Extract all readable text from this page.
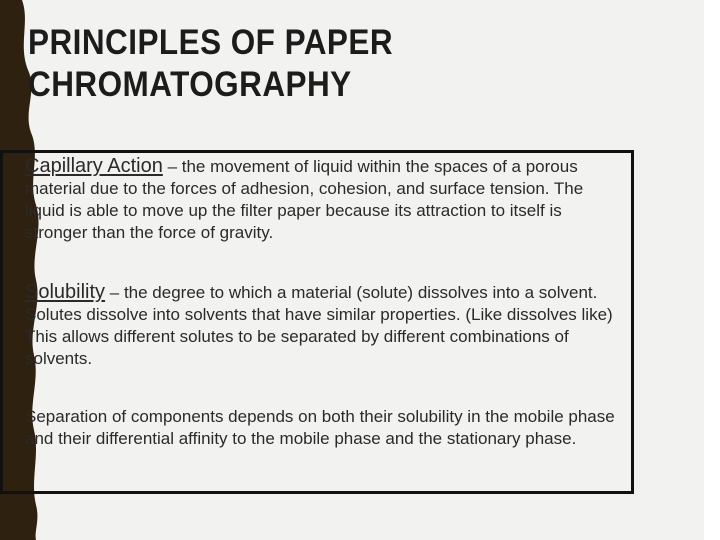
PRINCIPLES OF PAPER
CHROMATOGRAPHY

Capillary Action – the movement of liquid within the spaces of a porous material due to the forces of adhesion, cohesion, and surface tension. The liquid is able to move up the filter paper because its attraction to itself is stronger than the force of gravity.

Solubility – the degree to which a material (solute) dissolves into a solvent. Solutes dissolve into solvents that have similar properties. (Like dissolves like) This allows different solutes to be separated by different combinations of solvents.

Separation of components depends on both their solubility in the mobile phase and their differential affinity to the mobile phase and the stationary phase.
